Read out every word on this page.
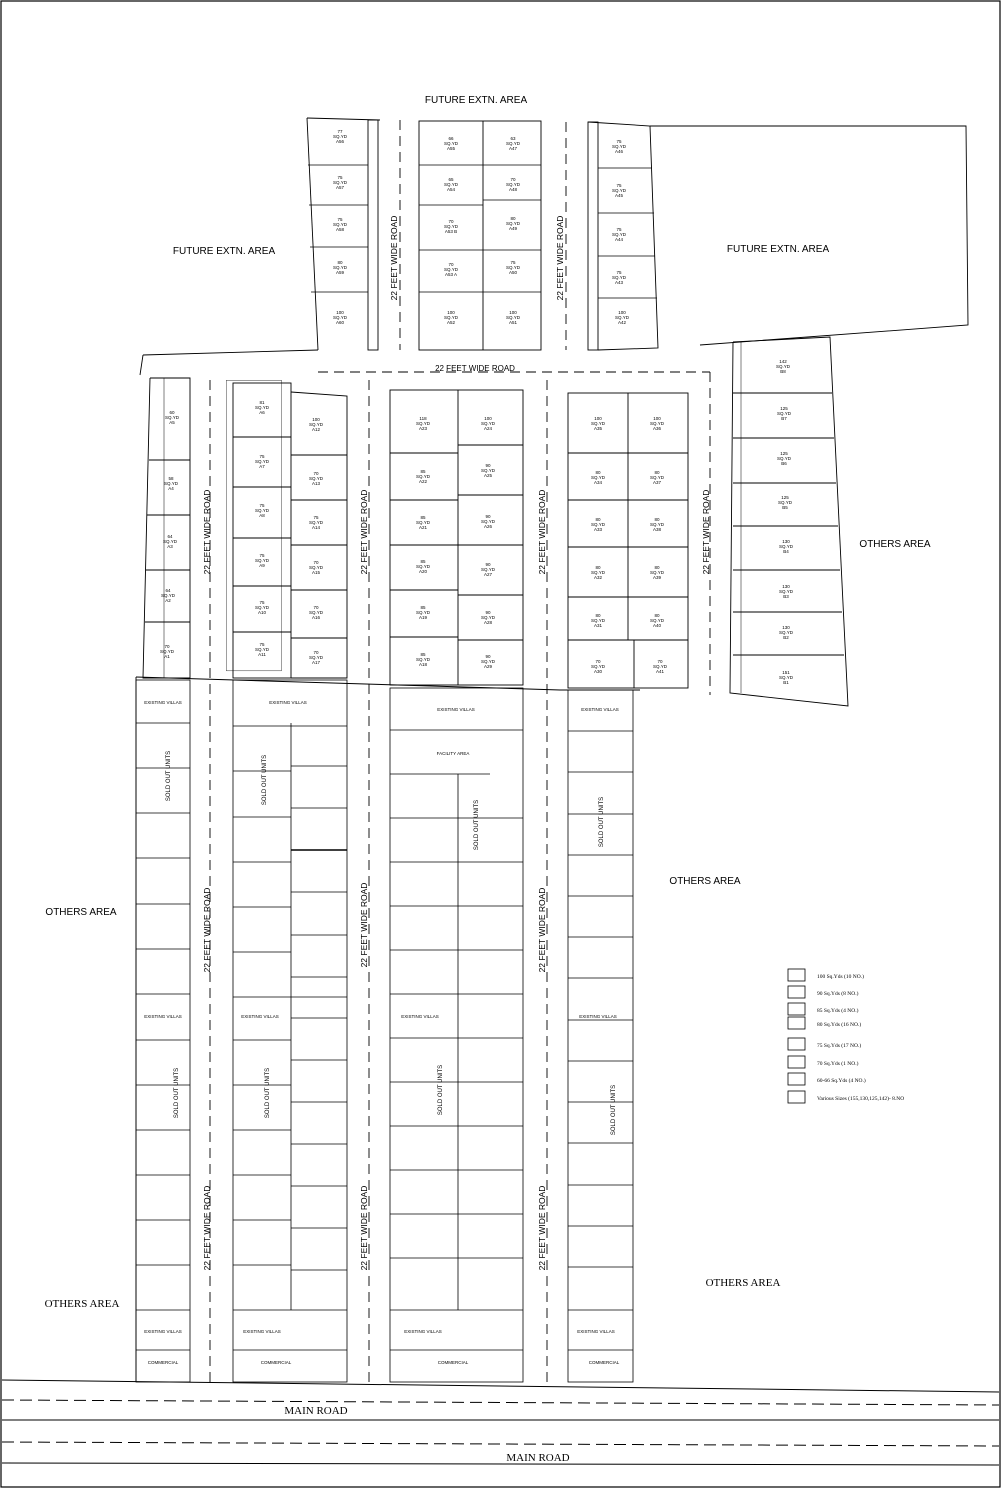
FUTURE EXTN. AREA
FUTURE EXTN. AREA	FUTURE EXTN. AREA
22 FEET WIDE ROAD
22 FEET WIDE ROAD	22 FEET WIDE ROAD
22 FEET WIDE ROAD	22 FEET WIDE ROAD	22 FEET WIDE ROAD	22 FEET WIDE ROAD
22 FEET WIDE ROAD	22 FEET WIDE ROAD	22 FEET WIDE ROAD
22 FEET WIDE ROAD	22 FEET WIDE ROAD	22 FEET WIDE ROAD
OTHERS AREA
OTHERS AREA
OTHERS AREA
OTHERS AREA
OTHERS AREA
MAIN ROAD
MAIN ROAD
EXISTING VILLAS	EXISTING VILLAS
EXISTING VILLAS	EXISTING VILLAS
FACILITY AREA
EXISTING VILLAS	EXISTING VILLAS	EXISTING VILLAS	EXISTING VILLAS
EXISTING VILLAS	EXISTING VILLAS	EXISTING VILLAS	EXISTING VILLAS
COMMERCIAL	COMMERCIAL	COMMERCIAL	COMMERCIAL
SOLD OUT UNITS	SOLD OUT UNITS
SOLD OUT UNITS	SOLD OUT UNITS
SOLD OUT UNITS	SOLD OUT UNITS	SOLD OUT UNITS	SOLD OUT UNITS
77 SQ.YD A56
75 SQ.YD A57
75 SQ.YD A58
80 SQ.YD A59
100 SQ.YD A60
66 SQ.YD A55
65 SQ.YD A54
70 SQ.YD A53 B
70 SQ.YD A53 A
100 SQ.YD A52
63 SQ.YD A47
70 SQ.YD A48
80 SQ.YD A49
75 SQ.YD A50
100 SQ.YD A51
75 SQ.YD A46
75 SQ.YD A45
75 SQ.YD A44
75 SQ.YD A43
100 SQ.YD A42
60 SQ.YD A5
58 SQ.YD A4
64 SQ.YD A3
64 SQ.YD A2
70 SQ.YD A1
81 SQ.YD A6
75 SQ.YD A7
75 SQ.YD A8
75 SQ.YD A9
75 SQ.YD A10
75 SQ.YD A11
100 SQ.YD A12
70 SQ.YD A13
75 SQ.YD A14
70 SQ.YD A15
70 SQ.YD A16
70 SQ.YD A17
118 SQ.YD A23
85 SQ.YD A22
85 SQ.YD A21
85 SQ.YD A20
85 SQ.YD A19
85 SQ.YD A18
100 SQ.YD A24
90 SQ.YD A25
90 SQ.YD A26
90 SQ.YD A27
90 SQ.YD A28
90 SQ.YD A29
100 SQ.YD A35
80 SQ.YD A34
80 SQ.YD A33
80 SQ.YD A32
80 SQ.YD A31
70 SQ.YD A30
100 SQ.YD A36
80 SQ.YD A37
80 SQ.YD A38
80 SQ.YD A39
80 SQ.YD A40
70 SQ.YD A41
142 SQ.YD B8
125 SQ.YD B7
125 SQ.YD B6
125 SQ.YD B5
130 SQ.YD B4
130 SQ.YD B3
130 SQ.YD B2
151 SQ.YD B1
100 Sq.Yds (10 NO.)
90 Sq.Yds (8 NO.)
85 Sq.Yds (4 NO.)
80 Sq.Yds (16 NO.)
75 Sq.Yds (17 NO.)
70 Sq.Yds (1 NO.)
60-66 Sq.Yds (4 NO.)
Various Sizes (155,130,125,142)- 8.NO
